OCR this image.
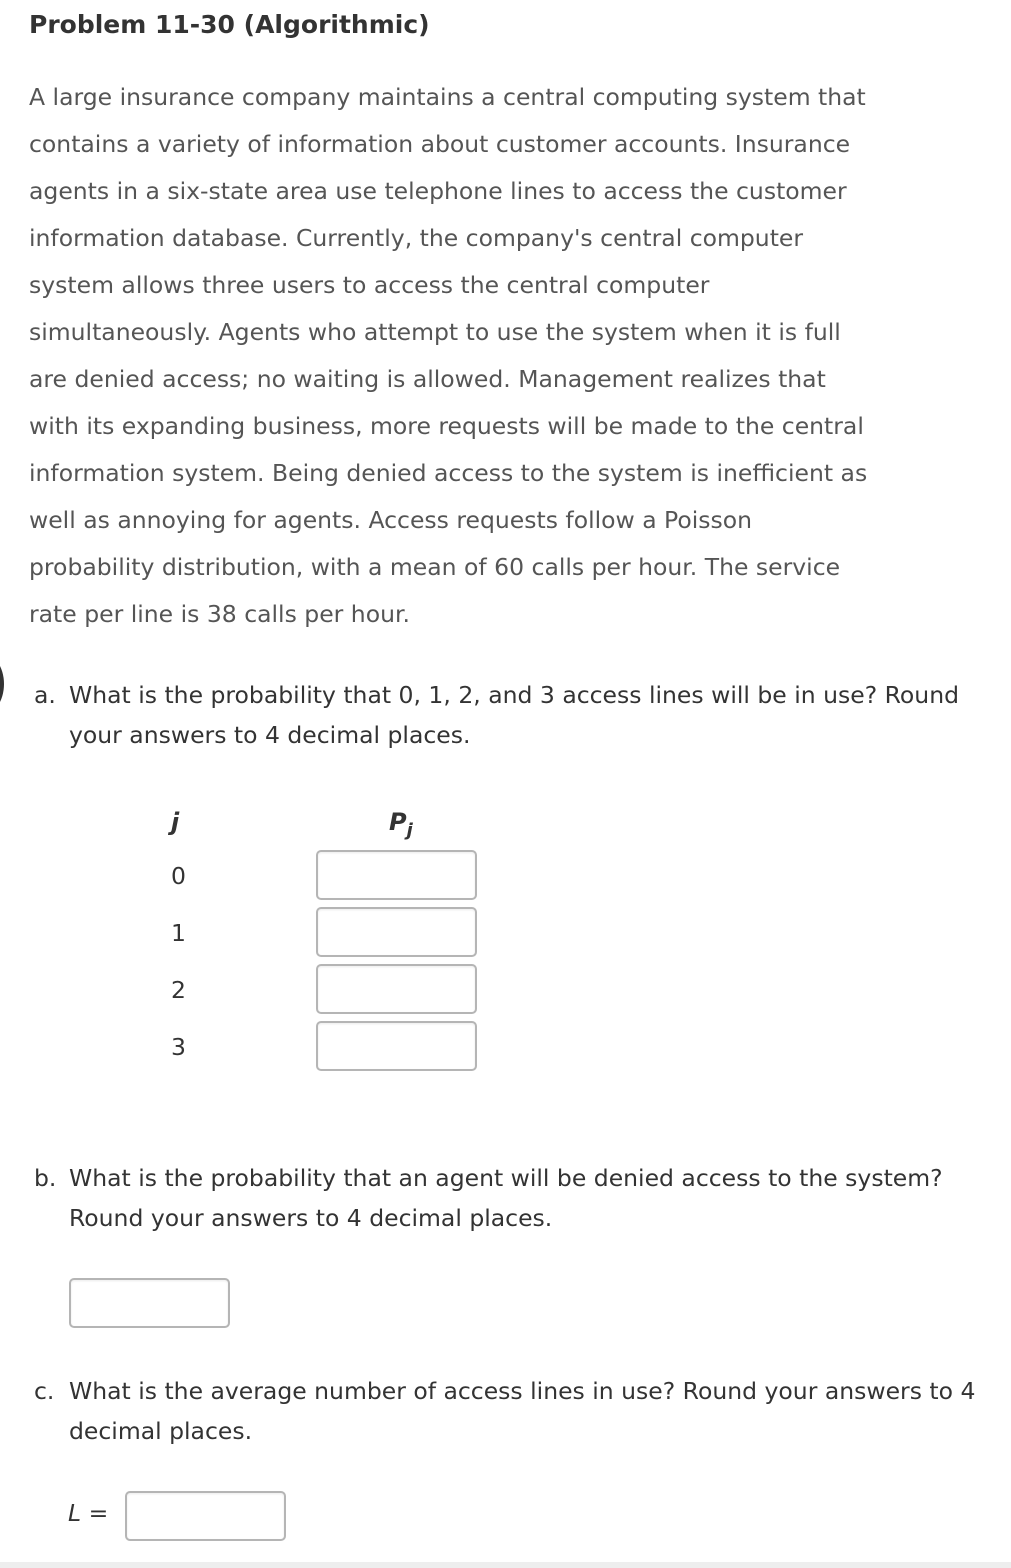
Problem 11-30 (Algorithmic)

A large insurance company maintains a central computing system that

contains a variety of information about customer accounts. Insurance

agents in a six-state area use telephone lines to access the customer

information database. Currently, the company's central computer

system allows three users to access the central computer

simultaneously. Agents who attempt to use the system when it is full

are denied access; no waiting is allowed. Management realizes that

with its expanding business, more requests will be made to the central

information system. Being denied access to the system is inefficient as

well as annoying for agents. Access requests follow a Poisson

probability distribution, with a mean of 60 calls per hour. The service

rate per line is 38 calls per hour.

a. What is the probability that 0, 1, 2, and 3 access lines will be in use? Round your answers to 4 decimal places.
j	$P_j$
0
1
2
3
b. What is the probability that an agent will be denied access to the system? Round your answers to 4 decimal places.
c. What is the average number of access lines in use? Round your answers to 4 decimal places.
L =
